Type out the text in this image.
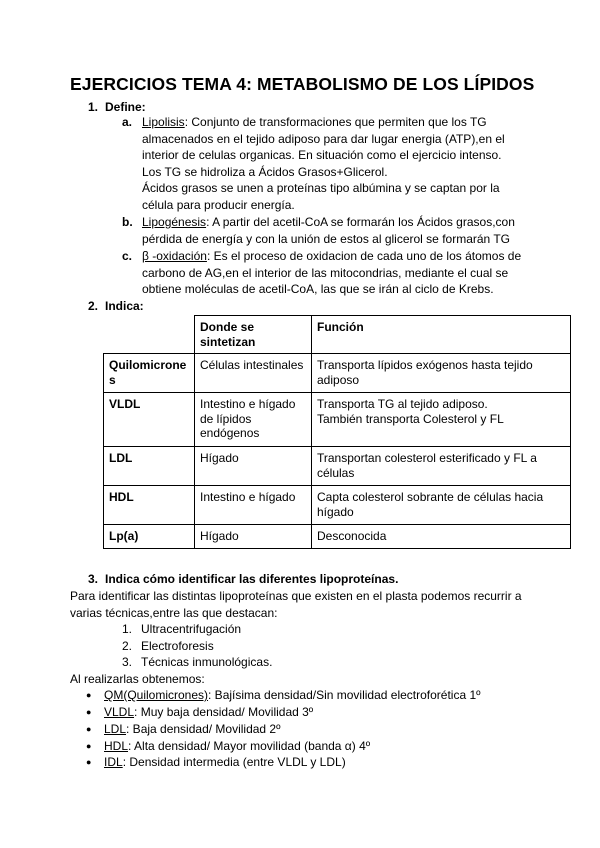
EJERCICIOS TEMA 4: METABOLISMO DE LOS LÍPIDOS
1. Define:
a. Lipolisis: Conjunto de transformaciones que permiten que los TG
almacenados en el tejido adiposo para dar lugar energia (ATP),en el
interior de celulas organicas. En situación como el ejercicio intenso.
Los TG se hidroliza a Ácidos Grasos+Glicerol.
Ácidos grasos se unen a proteínas tipo albúmina y se captan por la
célula para producir energía.
b. Lipogénesis: A partir del acetil-CoA se formarán los Ácidos grasos,con
pérdida de energía y con la unión de estos al glicerol se formarán TG
c. β -oxidación: Es el proceso de oxidacion de cada uno de los átomos de
carbono de AG,en el interior de las mitocondrias, mediante el cual se
obtiene moléculas de acetil-CoA, las que se irán al ciclo de Krebs.
2. Indica:
	Donde se sintetizan	Función
Quilomicrones	Células intestinales	Transporta lípidos exógenos hasta tejido adiposo
VLDL	Intestino e hígado de lípidos endógenos	Transporta TG al tejido adiposo.
También transporta Colesterol y FL

LDL	Hígado	Transportan colesterol esterificado y FL a células
HDL	Intestino e hígado	Capta colesterol sobrante de células hacia hígado
Lp(a)	Hígado	Desconocida
3. Indica cómo identificar las diferentes lipoproteínas.
Para identificar las distintas lipoproteínas que existen en el plasta podemos recurrir a
varias técnicas,entre las que destacan:
1. Ultracentrifugación
2. Electroforesis
3. Técnicas inmunológicas.
Al realizarlas obtenemos:
● QM(Quilomicrones): Bajísima densidad/Sin movilidad electroforética 1º
● VLDL: Muy baja densidad/ Movilidad 3º
● LDL: Baja densidad/ Movilidad 2º
● HDL: Alta densidad/ Mayor movilidad (banda α) 4º
● IDL: Densidad intermedia (entre VLDL y LDL)
